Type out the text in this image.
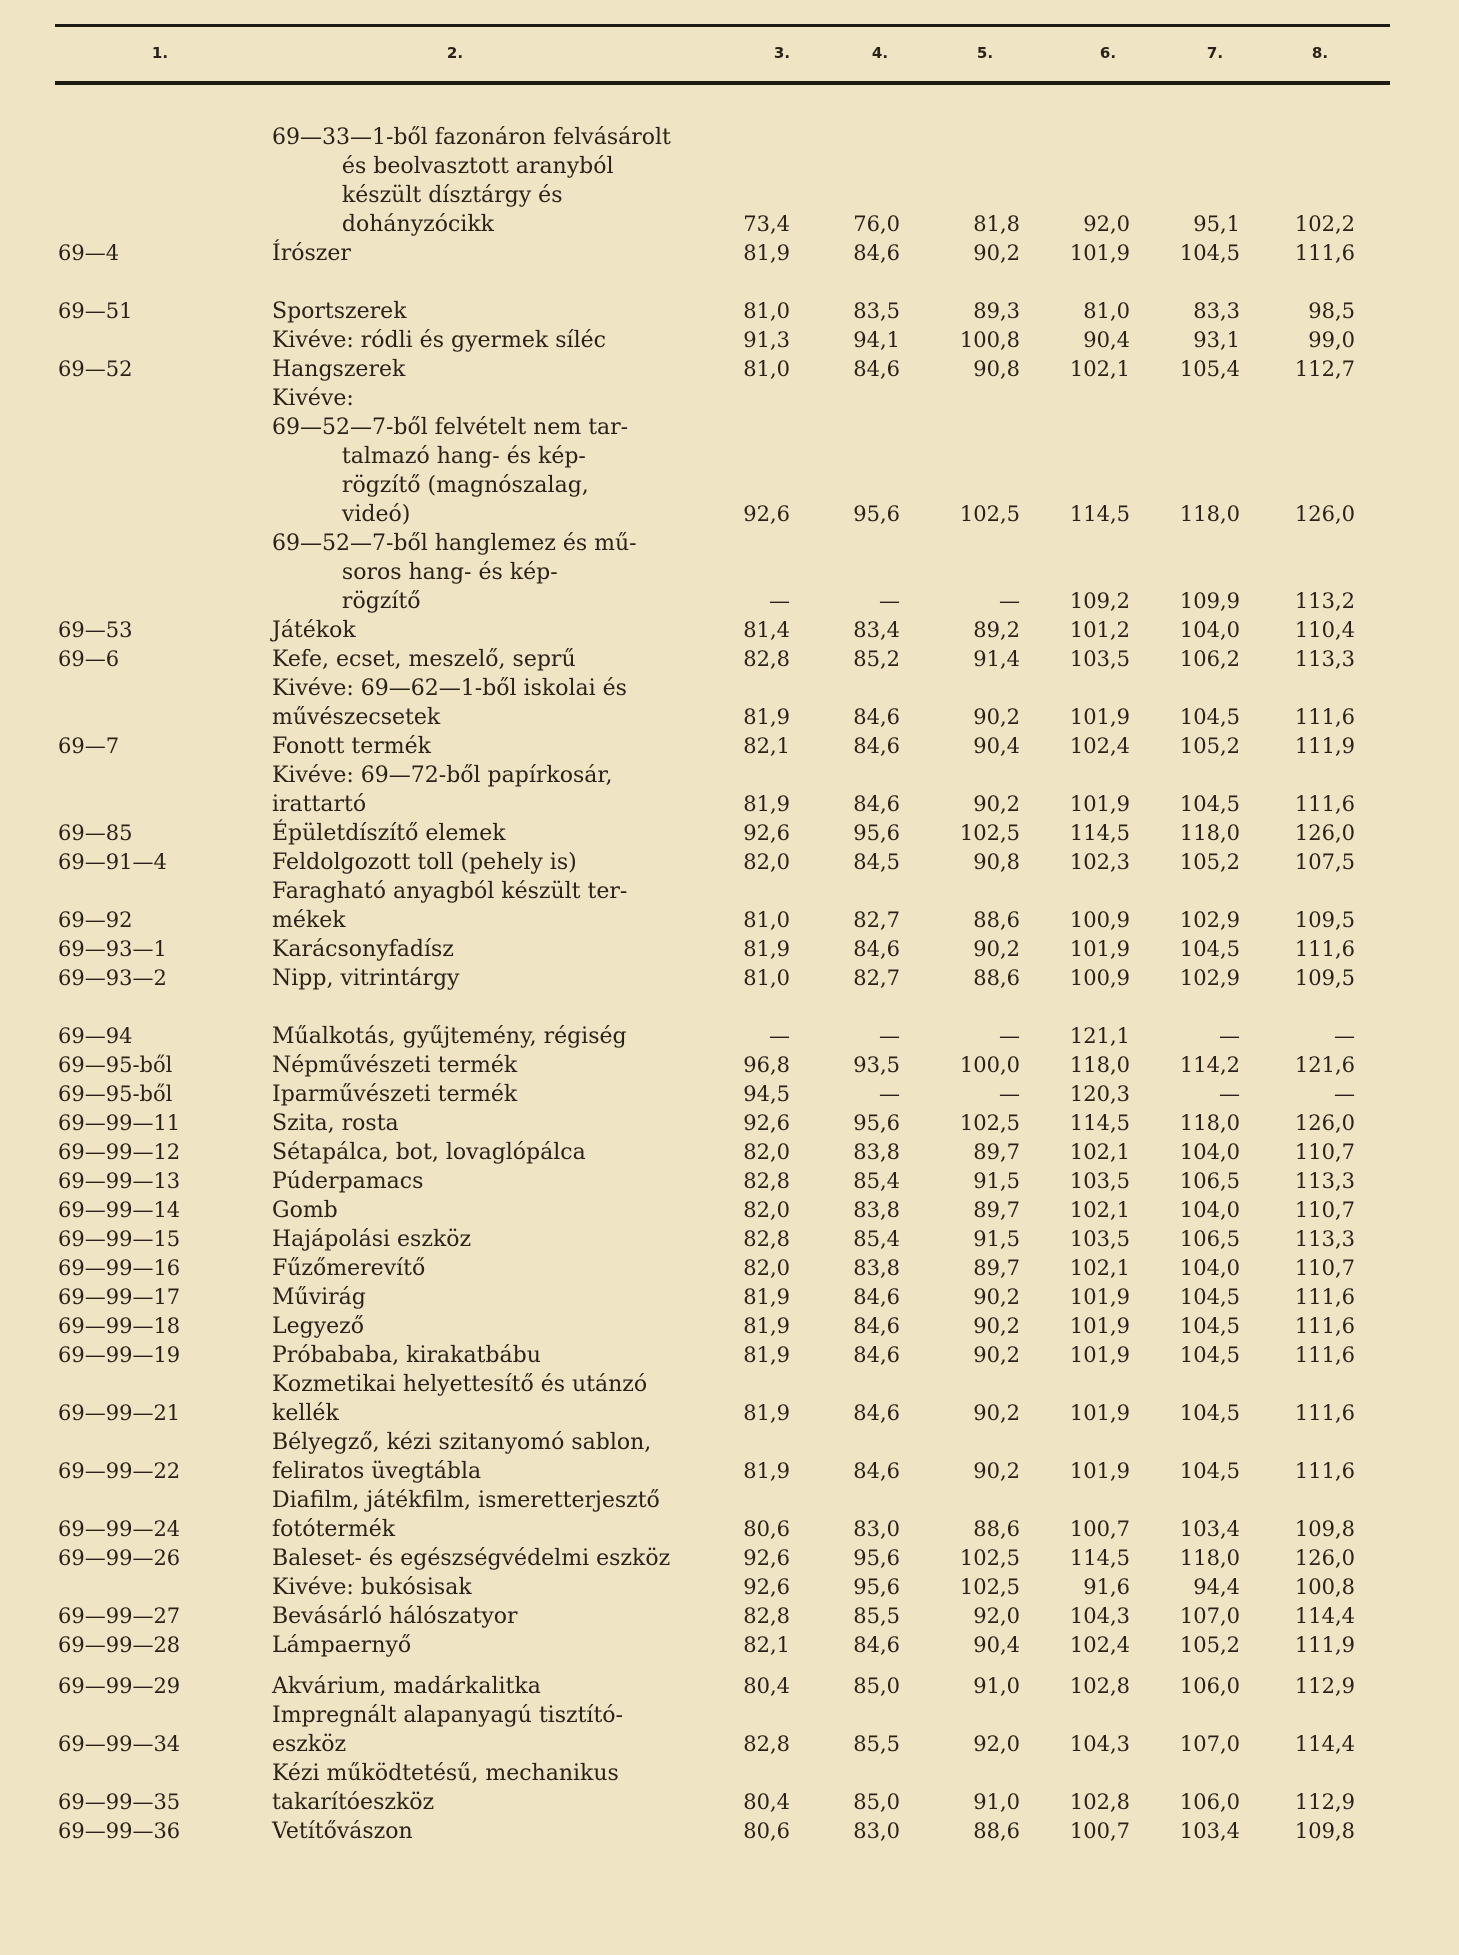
1.	2.	3.	4.	5.	6.	7.	8.
69—33—1-ből fazonáron felvásárolt
és beolvasztott aranyból
készült dísztárgy és
dohányzócikk	73,4	76,0	81,8	92,0	95,1	102,2
69—4	Írószer	81,9	84,6	90,2	101,9	104,5	111,6
69—51	Sportszerek	81,0	83,5	89,3	81,0	83,3	98,5
Kivéve: ródli és gyermek síléc	91,3	94,1	100,8	90,4	93,1	99,0
69—52	Hangszerek	81,0	84,6	90,8	102,1	105,4	112,7
Kivéve:
69—52—7-ből felvételt nem tar-
talmazó hang- és kép-
rögzítő (magnószalag,
videó)	92,6	95,6	102,5	114,5	118,0	126,0
69—52—7-ből hanglemez és mű-
soros hang- és kép-
rögzítő	—	—	—	109,2	109,9	113,2
69—53	Játékok	81,4	83,4	89,2	101,2	104,0	110,4
69—6	Kefe, ecset, meszelő, seprű	82,8	85,2	91,4	103,5	106,2	113,3
Kivéve: 69—62—1-ből iskolai és
művészecsetek	81,9	84,6	90,2	101,9	104,5	111,6
69—7	Fonott termék	82,1	84,6	90,4	102,4	105,2	111,9
Kivéve: 69—72-ből papírkosár,
irattartó	81,9	84,6	90,2	101,9	104,5	111,6
69—85	Épületdíszítő elemek	92,6	95,6	102,5	114,5	118,0	126,0
69—91—4	Feldolgozott toll (pehely is)	82,0	84,5	90,8	102,3	105,2	107,5
69—92
Faragható anyagból készült ter-
mékek	81,0	82,7	88,6	100,9	102,9	109,5
69—93—1	Karácsonyfadísz	81,9	84,6	90,2	101,9	104,5	111,6
69—93—2	Nipp, vitrintárgy	81,0	82,7	88,6	100,9	102,9	109,5
69—94	Műalkotás, gyűjtemény, régiség	—	—	—	121,1	—	—
69—95-ből	Népművészeti termék	96,8	93,5	100,0	118,0	114,2	121,6
69—95-ből	Iparművészeti termék	94,5	—	—	120,3	—	—
69—99—11	Szita, rosta	92,6	95,6	102,5	114,5	118,0	126,0
69—99—12	Sétapálca, bot, lovaglópálca	82,0	83,8	89,7	102,1	104,0	110,7
69—99—13	Púderpamacs	82,8	85,4	91,5	103,5	106,5	113,3
69—99—14	Gomb	82,0	83,8	89,7	102,1	104,0	110,7
69—99—15	Hajápolási eszköz	82,8	85,4	91,5	103,5	106,5	113,3
69—99—16	Fűzőmerevítő	82,0	83,8	89,7	102,1	104,0	110,7
69—99—17	Művirág	81,9	84,6	90,2	101,9	104,5	111,6
69—99—18	Legyező	81,9	84,6	90,2	101,9	104,5	111,6
69—99—19	Próbababa, kirakatbábu	81,9	84,6	90,2	101,9	104,5	111,6
69—99—21
Kozmetikai helyettesítő és utánzó
kellék	81,9	84,6	90,2	101,9	104,5	111,6
69—99—22
Bélyegző, kézi szitanyomó sablon,
feliratos üvegtábla	81,9	84,6	90,2	101,9	104,5	111,6
69—99—24
Diafilm, játékfilm, ismeretterjesztő
fotótermék	80,6	83,0	88,6	100,7	103,4	109,8
69—99—26	Baleset- és egészségvédelmi eszköz	92,6	95,6	102,5	114,5	118,0	126,0
Kivéve: bukósisak	92,6	95,6	102,5	91,6	94,4	100,8
69—99—27	Bevásárló hálószatyor	82,8	85,5	92,0	104,3	107,0	114,4
69—99—28	Lámpaernyő	82,1	84,6	90,4	102,4	105,2	111,9
69—99—29	Akvárium, madárkalitka	80,4	85,0	91,0	102,8	106,0	112,9
69—99—34
Impregnált alapanyagú tisztító-
eszköz	82,8	85,5	92,0	104,3	107,0	114,4
69—99—35
Kézi működtetésű, mechanikus
takarítóeszköz	80,4	85,0	91,0	102,8	106,0	112,9
69—99—36	Vetítővászon	80,6	83,0	88,6	100,7	103,4	109,8
